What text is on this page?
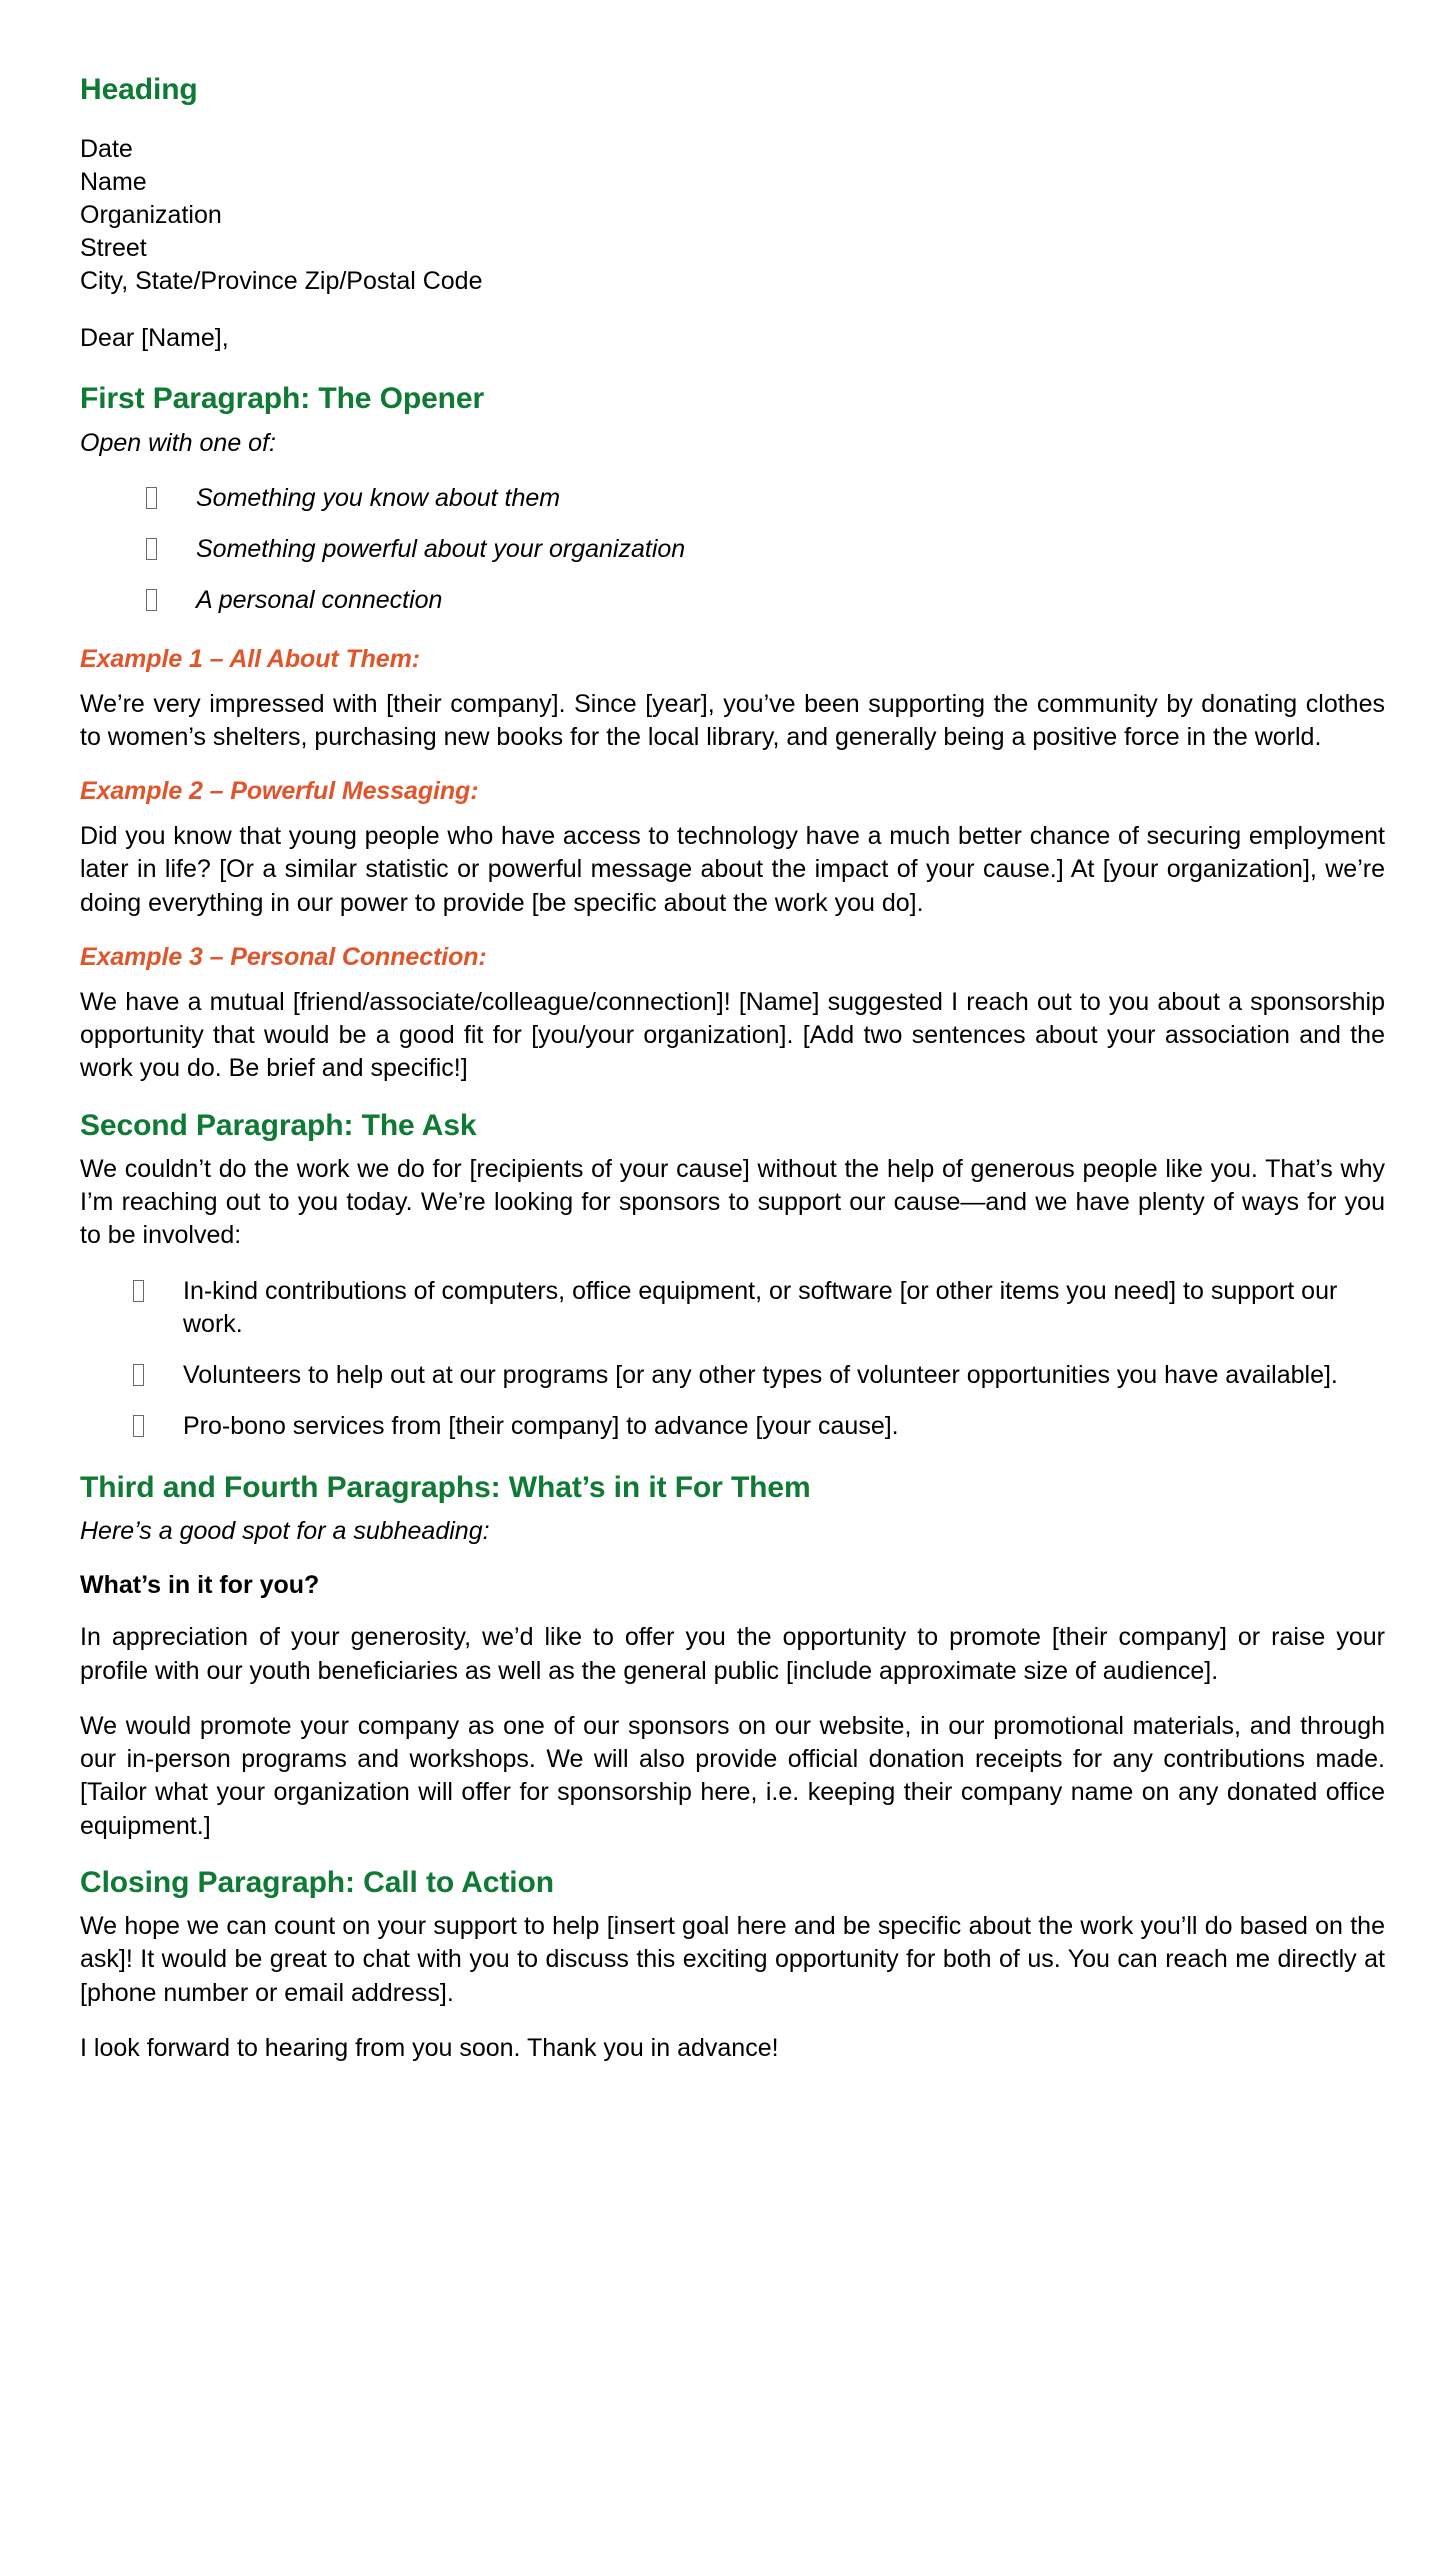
Heading
Date
Name
Organization
Street
City, State/Province Zip/Postal Code

Dear [Name],

First Paragraph: The Opener

Open with one of:

Something you know about them
Something powerful about your organization
A personal connection
Example 1 – All About Them:

We’re very impressed with [their company]. Since [year], you’ve been supporting the community by donating clothes to women’s shelters, purchasing new books for the local library, and generally being a positive force in the world.

Example 2 – Powerful Messaging:

Did you know that young people who have access to technology have a much better chance of securing employment later in life? [Or a similar statistic or powerful message about the impact of your cause.] At [your organization], we’re doing everything in our power to provide [be specific about the work you do].

Example 3 – Personal Connection:

We have a mutual [friend/associate/colleague/connection]! [Name] suggested I reach out to you about a sponsorship opportunity that would be a good fit for [you/your organization]. [Add two sentences about your association and the work you do. Be brief and specific!]

Second Paragraph: The Ask

We couldn’t do the work we do for [recipients of your cause] without the help of generous people like you. That’s why I’m reaching out to you today. We’re looking for sponsors to support our cause—and we have plenty of ways for you to be involved:

In-kind contributions of computers, office equipment, or software [or other items you need] to support our work.
Volunteers to help out at our programs [or any other types of volunteer opportunities you have available].
Pro-bono services from [their company] to advance [your cause].
Third and Fourth Paragraphs: What’s in it For Them

Here’s a good spot for a subheading:

What’s in it for you?

In appreciation of your generosity, we’d like to offer you the opportunity to promote [their company] or raise your profile with our youth beneficiaries as well as the general public [include approximate size of audience].

We would promote your company as one of our sponsors on our website, in our promotional materials, and through our in-person programs and workshops. We will also provide official donation receipts for any contributions made. [Tailor what your organization will offer for sponsorship here, i.e. keeping their company name on any donated office equipment.]

Closing Paragraph: Call to Action

We hope we can count on your support to help [insert goal here and be specific about the work you’ll do based on the ask]! It would be great to chat with you to discuss this exciting opportunity for both of us. You can reach me directly at [phone number or email address].

I look forward to hearing from you soon. Thank you in advance!
